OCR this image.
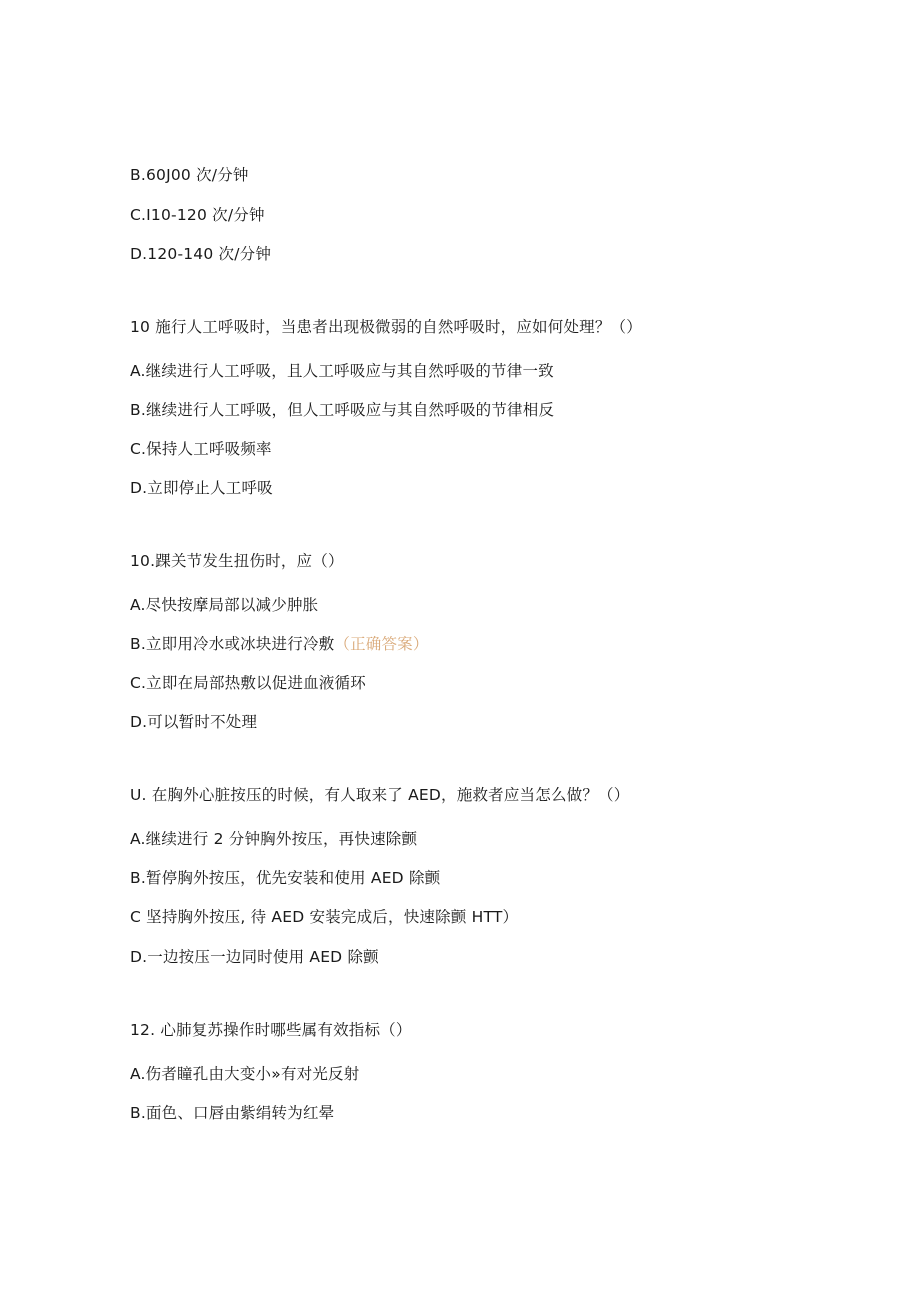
B.60J00 次/分钟
C.I10-120 次/分钟
D.120-140 次/分钟
10 施行人工呼吸时，当患者出现极微弱的自然呼吸时，应如何处理？（）
A.继续进行人工呼吸，且人工呼吸应与其自然呼吸的节律一致
B.继续进行人工呼吸，但人工呼吸应与其自然呼吸的节律相反
C.保持人工呼吸频率
D.立即停止人工呼吸
10.踝关节发生扭伤时，应（）
A.尽快按摩局部以减少肿胀
B.立即用冷水或冰块进行冷敷（正确答案）
C.立即在局部热敷以促进血液循环
D.可以暂时不处理
U. 在胸外心脏按压的时候，有人取来了 AED，施救者应当怎么做？（）
A.继续进行 2 分钟胸外按压，再快速除颤
B.暂停胸外按压，优先安装和使用 AED 除颤
C 坚持胸外按压, 待 AED 安装完成后，快速除颤 HTT）
D.一边按压一边同时使用 AED 除颤
12. 心肺复苏操作时哪些属有效指标（）
A.伤者瞳孔由大变小»有对光反射
B.面色、口唇由紫绢转为红晕
